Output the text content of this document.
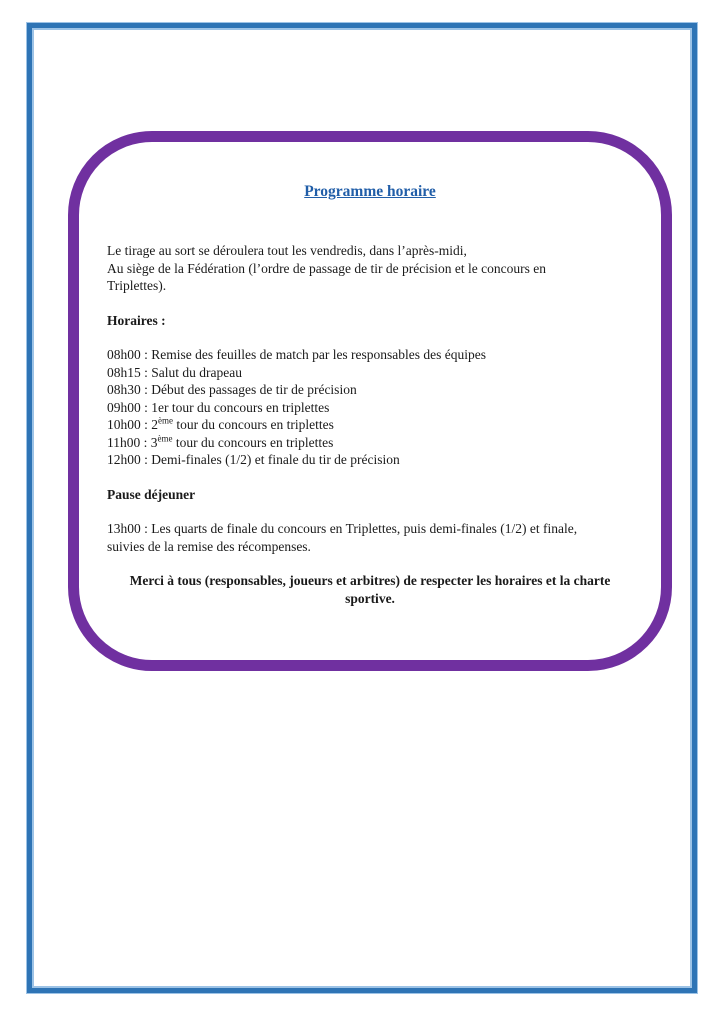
Programme horaire
Le tirage au sort se déroulera tout les vendredis, dans l’après-midi,
Au siège de la Fédération (l’ordre de passage de tir de précision et le concours en
Triplettes).
Horaires :
08h00 : Remise des feuilles de match par les responsables des équipes
08h15 : Salut du drapeau
08h30 : Début des passages de tir de précision
09h00 : 1er tour du concours en triplettes
10h00 : 2ème tour du concours en triplettes
11h00 : 3ème tour du concours en triplettes
12h00 : Demi-finales (1/2) et finale du tir de précision
Pause déjeuner
13h00 : Les quarts de finale du concours en Triplettes, puis demi-finales (1/2) et finale,
suivies de la remise des récompenses.
Merci à tous (responsables, joueurs et arbitres) de respecter les horaires et la charte
sportive.
